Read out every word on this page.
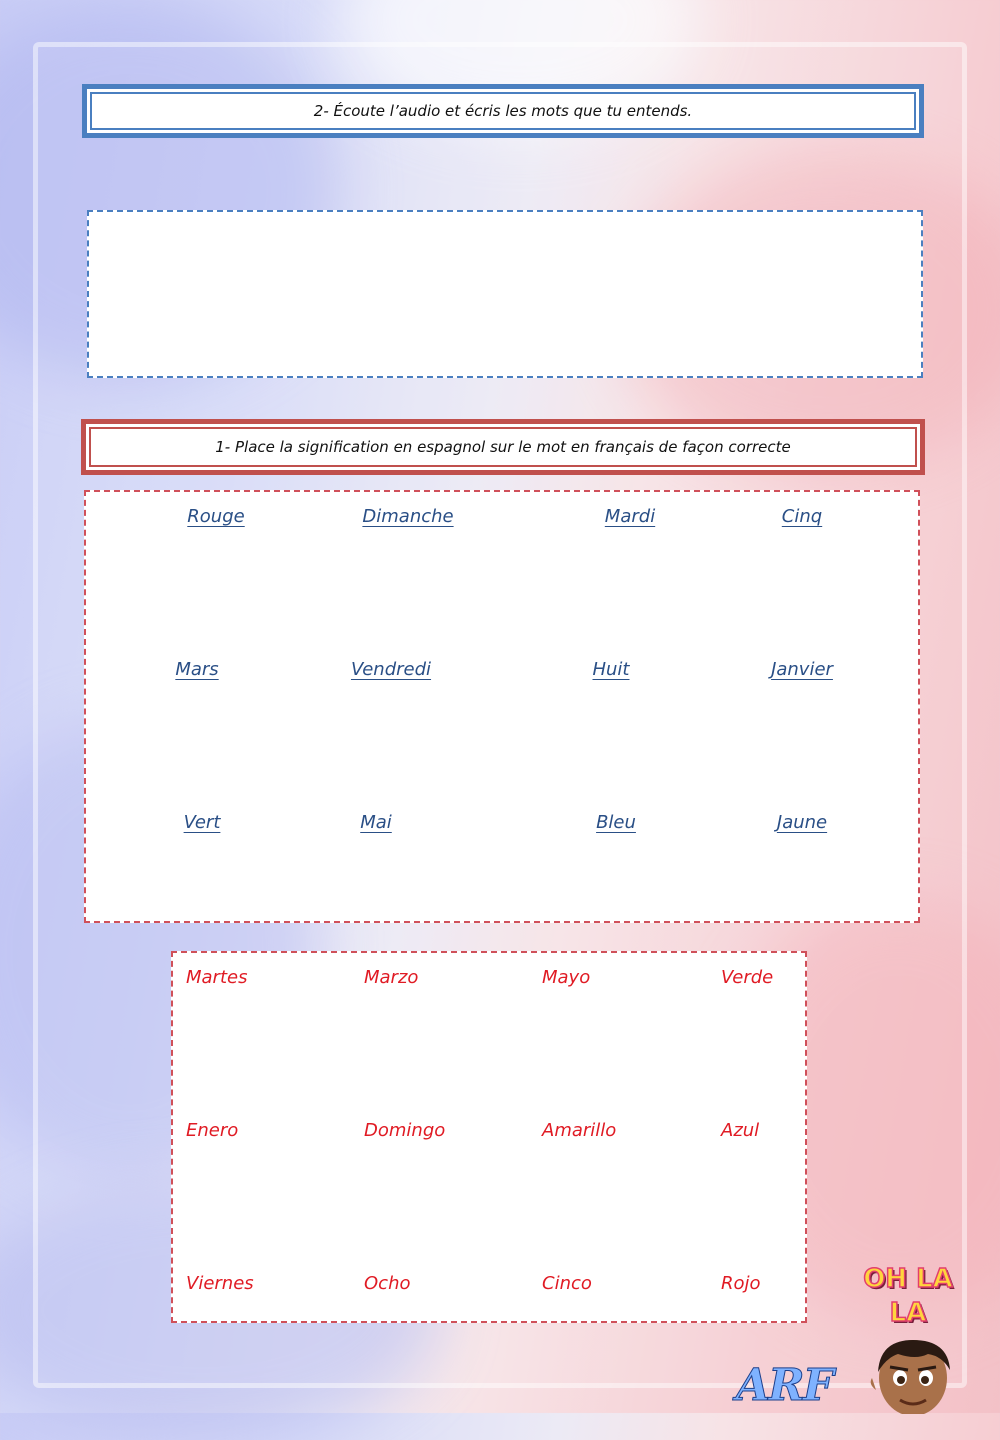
2- Écoute l’audio et écris les mots que tu entends.
1- Place la signification en espagnol sur le mot en français de façon correcte
Rouge	Dimanche	Mardi	Cinq
Mars	Vendredi	Huit	Janvier
Vert	Mai	Bleu	Jaune
Martes	Marzo	Mayo	Verde
Enero	Domingo	Amarillo	Azul
Viernes	Ocho	Cinco	Rojo	OH LA
LA
ARF
